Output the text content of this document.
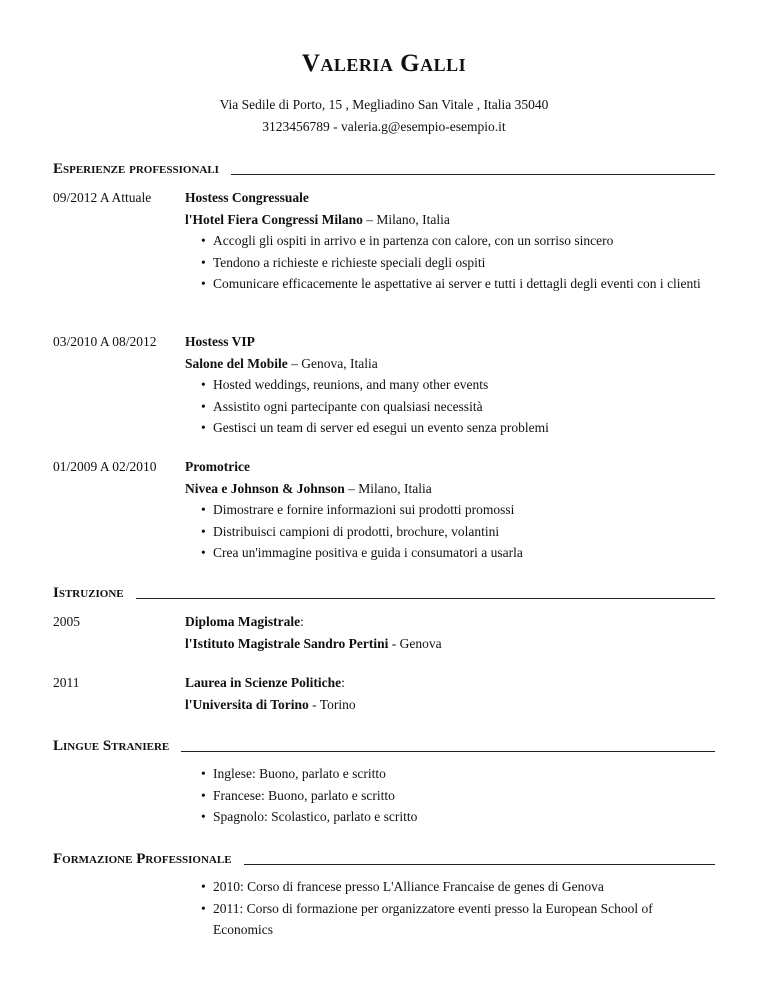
Valeria Galli
Via Sedile di Porto, 15 , Megliadino San Vitale , Italia 35040
3123456789 - valeria.g@esempio-esempio.it
Esperienze professionali
09/2012 A Attuale	Hostess Congressuale
l'Hotel Fiera Congressi Milano – Milano, Italia
• Accogli gli ospiti in arrivo e in partenza con calore, con un sorriso sincero
• Tendono a richieste e richieste speciali degli ospiti
• Comunicare efficacemente le aspettative ai server e tutti i dettagli degli eventi con i clienti
03/2010 A 08/2012	Hostess VIP
Salone del Mobile – Genova, Italia
• Hosted weddings, reunions, and many other events
• Assistito ogni partecipante con qualsiasi necessità
• Gestisci un team di server ed esegui un evento senza problemi
01/2009 A 02/2010	Promotrice
Nivea e Johnson & Johnson – Milano, Italia
• Dimostrare e fornire informazioni sui prodotti promossi
• Distribuisci campioni di prodotti, brochure, volantini
• Crea un'immagine positiva e guida i consumatori a usarla
Istruzione
2005	Diploma Magistrale:
l'Istituto Magistrale Sandro Pertini - Genova
2011	Laurea in Scienze Politiche:
l'Universita di Torino - Torino
Lingue Straniere
• Inglese: Buono, parlato e scritto
• Francese: Buono, parlato e scritto
• Spagnolo: Scolastico, parlato e scritto
Formazione Professionale
• 2010: Corso di francese presso L'Alliance Francaise de genes di Genova
• 2011: Corso di formazione per organizzatore eventi presso la European School of Economics
